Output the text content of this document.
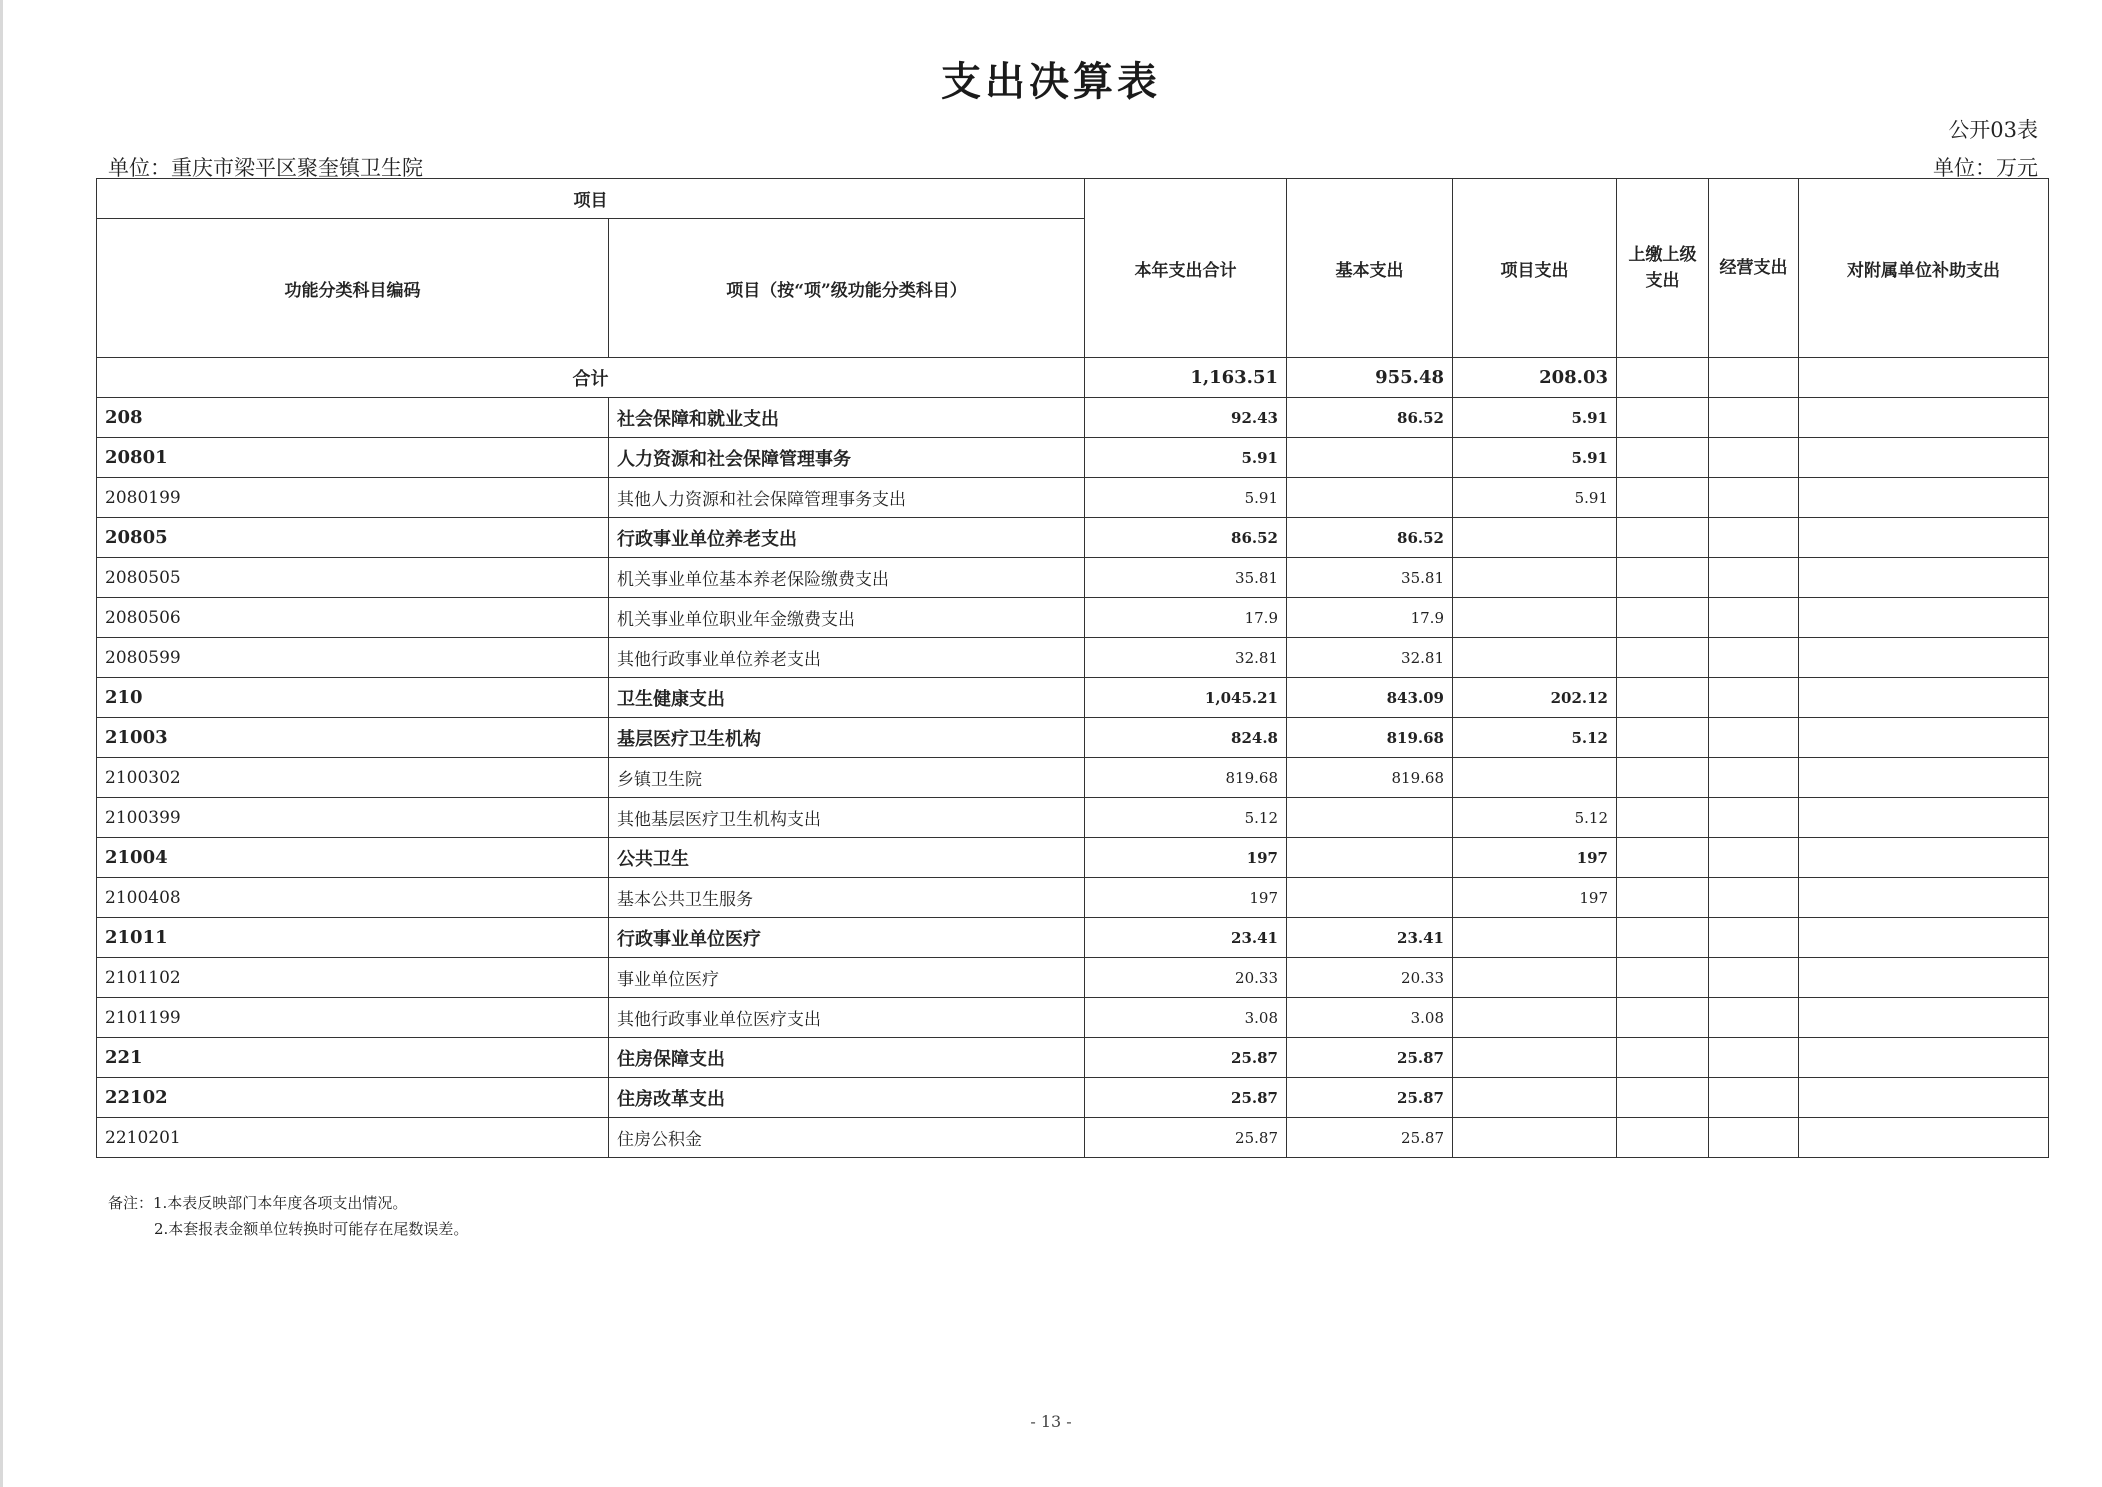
支出决算表
公开03表
单位：重庆市梁平区聚奎镇卫生院	单位：万元
项目		本年支出合计	基本支出	项目支出	上缴上级支出	经营支出	对附属单位补助支出
功能分类科目编码	项目（按“项”级功能分类科目）						
合计		1,163.51	955.48	208.03			
208	社会保障和就业支出	92.43	86.52	5.91			
20801	人力资源和社会保障管理事务	5.91		5.91			
2080199	其他人力资源和社会保障管理事务支出	5.91		5.91			
20805	行政事业单位养老支出	86.52	86.52				
2080505	机关事业单位基本养老保险缴费支出	35.81	35.81				
2080506	机关事业单位职业年金缴费支出	17.9	17.9				
2080599	其他行政事业单位养老支出	32.81	32.81				
210	卫生健康支出	1,045.21	843.09	202.12			
21003	基层医疗卫生机构	824.8	819.68	5.12			
2100302	乡镇卫生院	819.68	819.68				
2100399	其他基层医疗卫生机构支出	5.12		5.12			
21004	公共卫生	197		197			
2100408	基本公共卫生服务	197		197			
21011	行政事业单位医疗	23.41	23.41				
2101102	事业单位医疗	20.33	20.33				
2101199	其他行政事业单位医疗支出	3.08	3.08				
221	住房保障支出	25.87	25.87				
22102	住房改革支出	25.87	25.87				
2210201	住房公积金	25.87	25.87				
备注：1.本表反映部门本年度各项支出情况。
2.本套报表金额单位转换时可能存在尾数误差。
- 13 -
